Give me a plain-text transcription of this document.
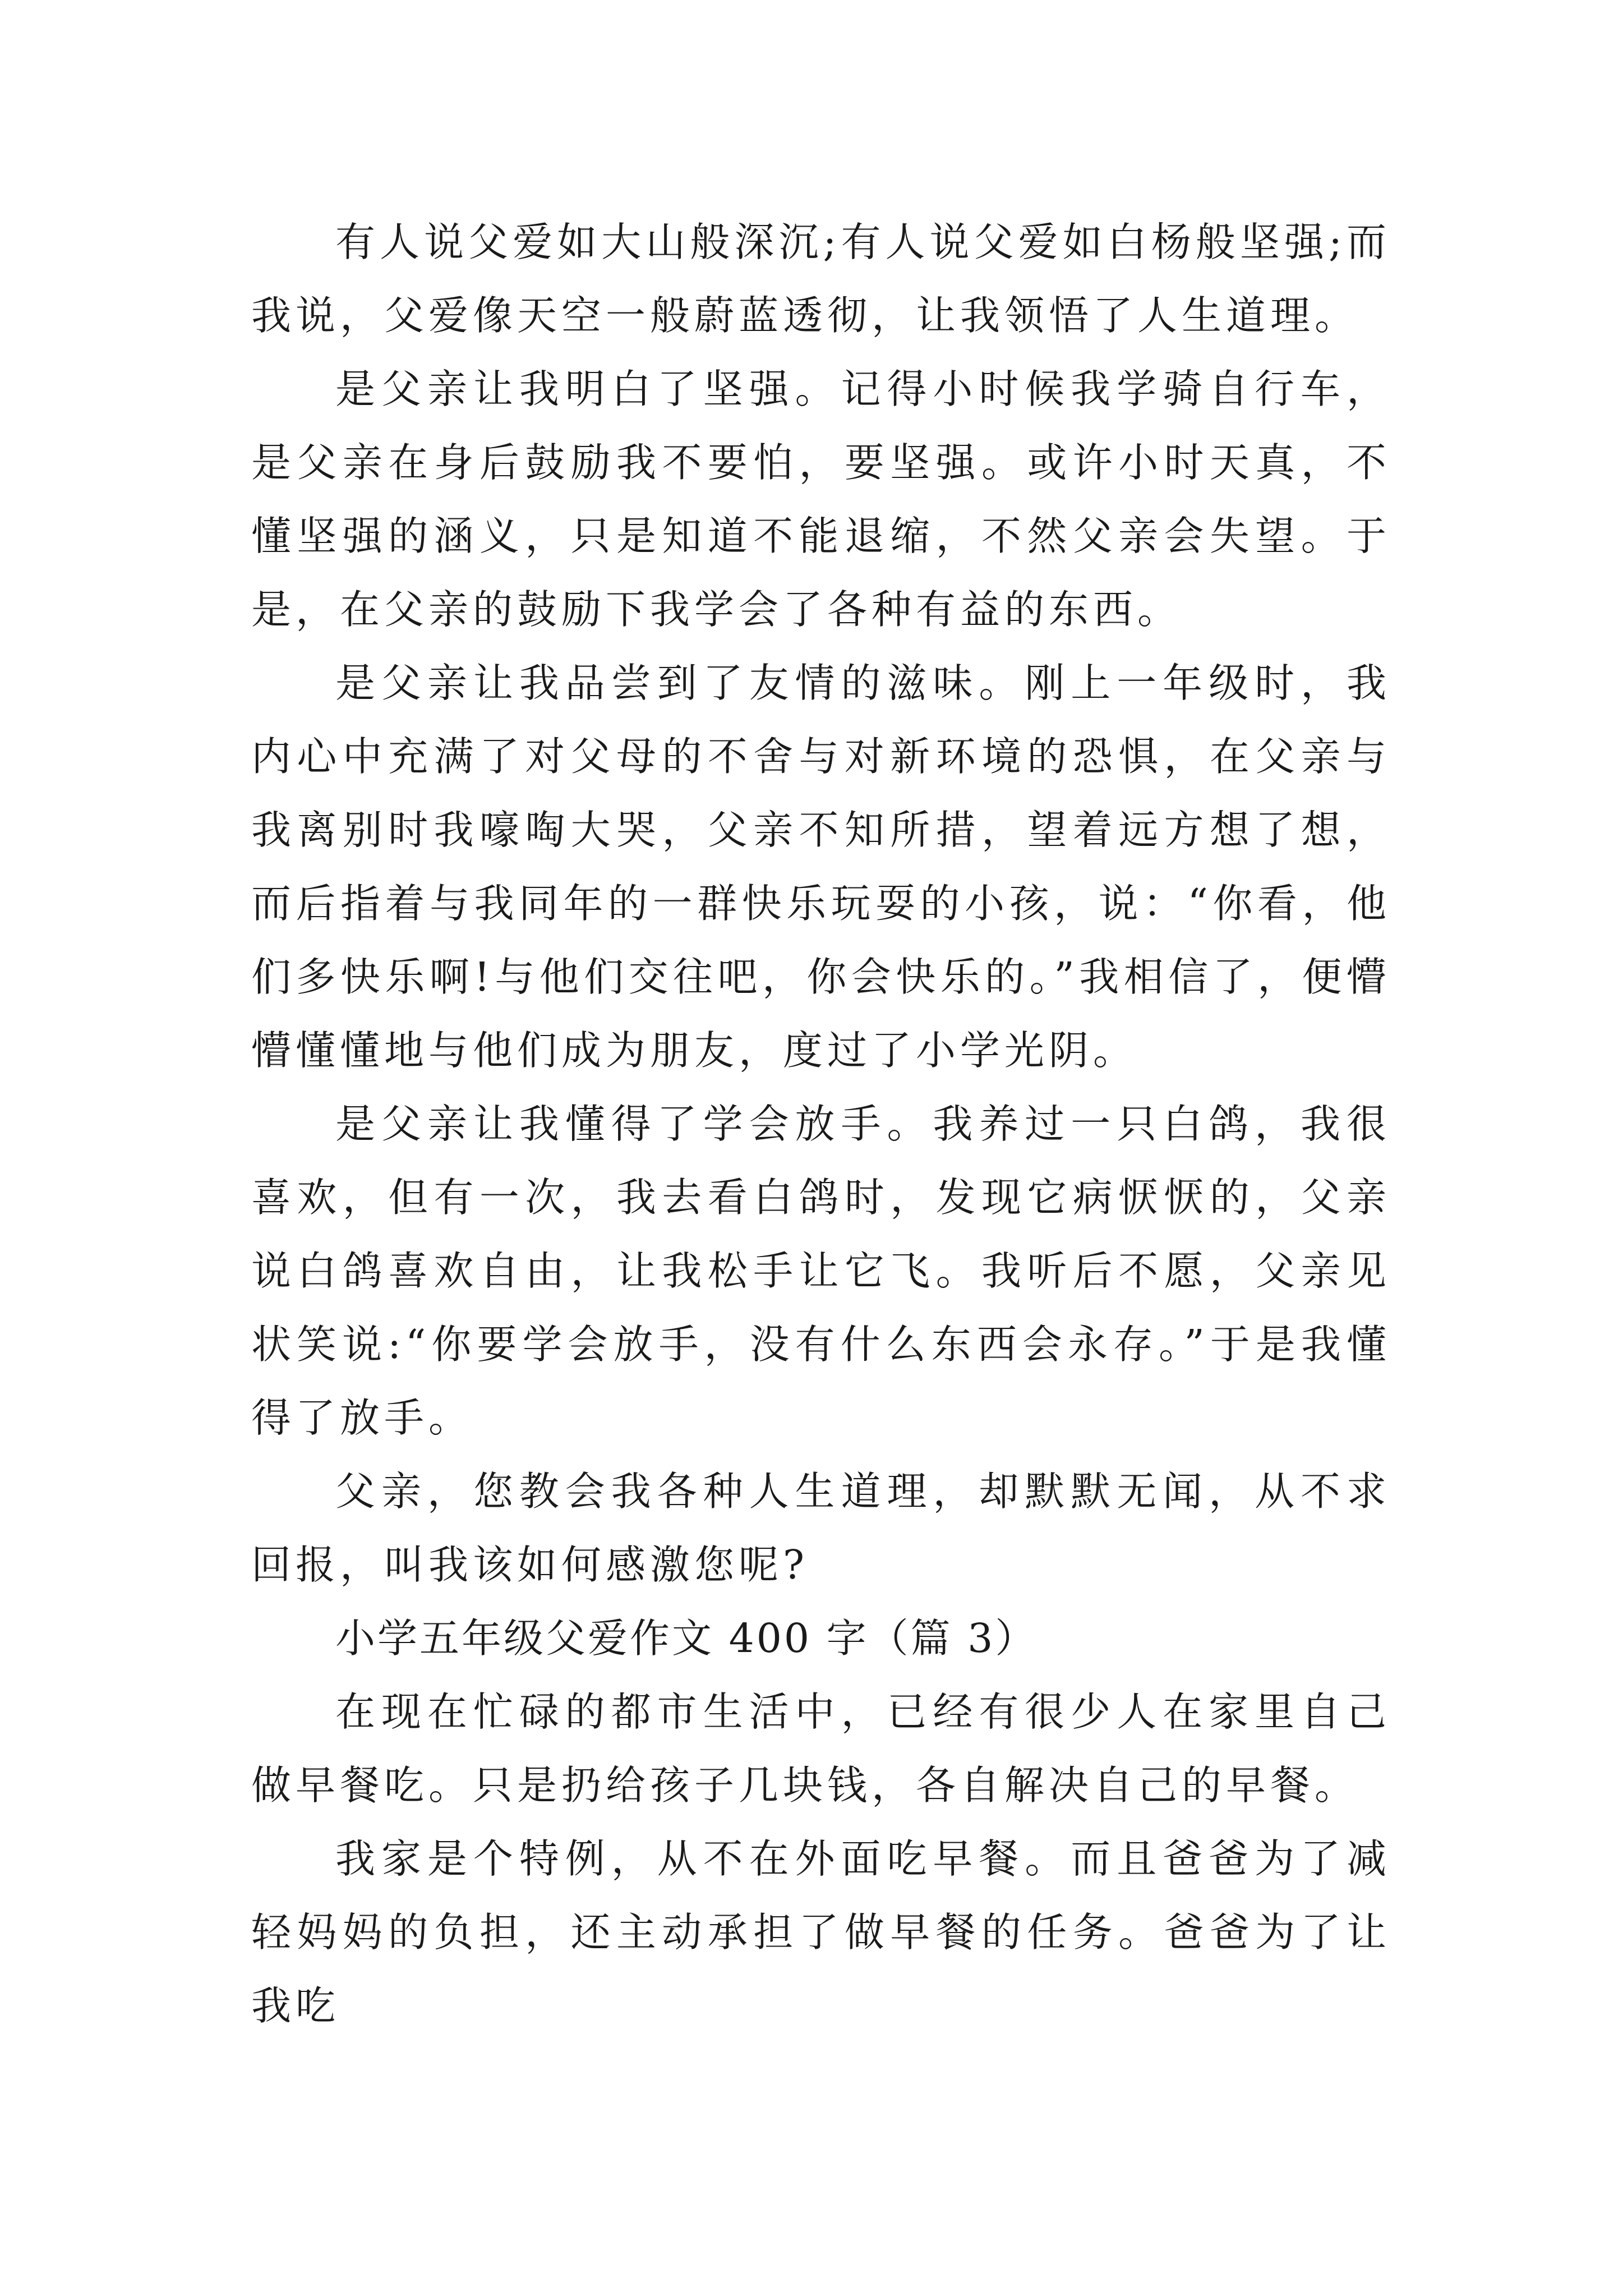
有人说父爱如大山般深沉;有人说父爱如白杨般坚强;而我说，父爱像天空一般蔚蓝透彻，让我领悟了人生道理。

是父亲让我明白了坚强。记得小时候我学骑自行车，是父亲在身后鼓励我不要怕，要坚强。或许小时天真，不懂坚强的涵义，只是知道不能退缩，不然父亲会失望。于是，在父亲的鼓励下我学会了各种有益的东西。

是父亲让我品尝到了友情的滋味。刚上一年级时，我内心中充满了对父母的不舍与对新环境的恐惧，在父亲与我离别时我嚎啕大哭，父亲不知所措，望着远方想了想，而后指着与我同年的一群快乐玩耍的小孩，说：“你看，他们多快乐啊!与他们交往吧，你会快乐的。”我相信了，便懵懵懂懂地与他们成为朋友，度过了小学光阴。

是父亲让我懂得了学会放手。我养过一只白鸽，我很喜欢，但有一次，我去看白鸽时，发现它病恹恹的，父亲说白鸽喜欢自由，让我松手让它飞。我听后不愿，父亲见状笑说:“你要学会放手，没有什么东西会永存。”于是我懂得了放手。

父亲，您教会我各种人生道理，却默默无闻，从不求回报，叫我该如何感激您呢?

小学五年级父爱作文 400 字（篇 3）

在现在忙碌的都市生活中，已经有很少人在家里自己做早餐吃。只是扔给孩子几块钱，各自解决自己的早餐。

我家是个特例，从不在外面吃早餐。而且爸爸为了减轻妈妈的负担，还主动承担了做早餐的任务。爸爸为了让我吃
